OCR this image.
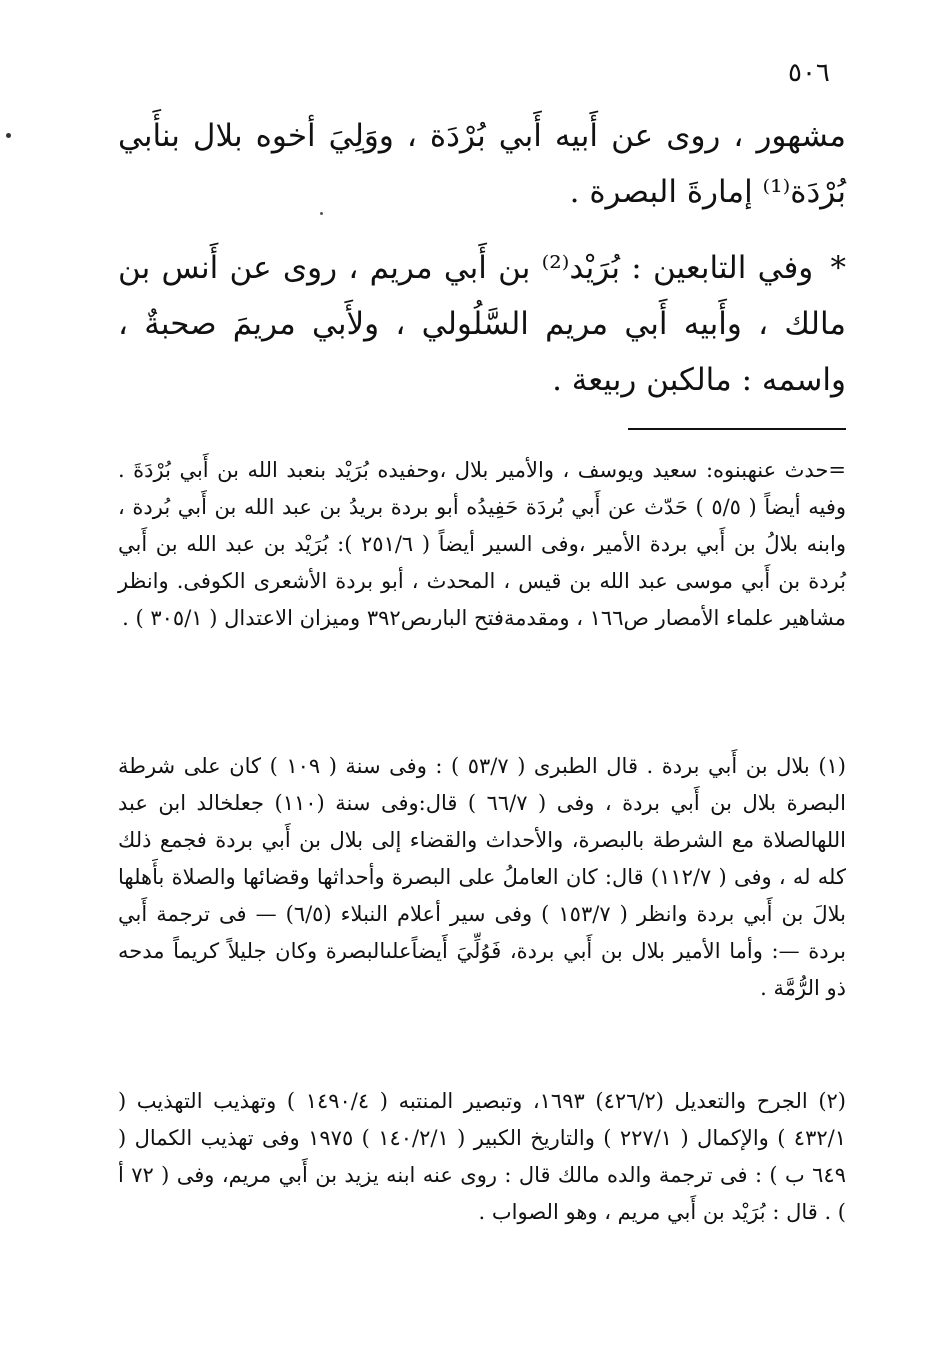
٥٠٦

مشهور ، روى عن أَبيه أَبي بُرْدَة ، ووَلِيَ أخوه بلال بنأَبي بُرْدَة⁽¹⁾ إمارةَ البصرة .

* وفي التابعين : بُرَيْد⁽²⁾ بن أَبي مريم ، روى عن أَنس بن مالك ، وأَبيه أَبي مريم السَّلُولي ، ولأَبي مريمَ صحبةٌ ، واسمه : مالكبن ربيعة .

=حدث عنهبنوه: سعيد ويوسف ، والأمير بلال ،وحفيده بُرَيْد بنعبد الله بن أَبي بُرْدَةَ . وفيه أيضاً ( ٥/٥ ) حَدّث عن أَبي بُردَة حَفِيدُه أبو بردة بريدُ بن عبد الله بن أَبي بُردة ، وابنه بلالُ بن أَبي بردة الأمير ،وفى السير أيضاً ( ٢٥١/٦ ): بُرَيْد بن عبد الله بن أَبي بُردة بن أَبي موسى عبد الله بن قيس ، المحدث ، أبو بردة الأشعرى الكوفى. وانظر مشاهير علماء الأمصار ص١٦٦ ، ومقدمةفتح البارىص٣٩٢ وميزان الاعتدال ( ٣٠٥/١ ) .

(١) بلال بن أَبي بردة . قال الطبرى ( ٥٣/٧ ) : وفى سنة ( ١٠٩ ) كان على شرطة البصرة بلال بن أَبي بردة ، وفى ( ٦٦/٧ ) قال:وفى سنة (١١٠) جعلخالد ابن عبد اللهالصلاة مع الشرطة بالبصرة، والأحداث والقضاء إلى بلال بن أَبي بردة فجمع ذلك كله له ، وفى ( ١١٢/٧) قال: كان العاملُ على البصرة وأحداثها وقضائها والصلاة بأَهلها بلالَ بن أَبي بردة وانظر ( ١٥٣/٧ ) وفى سير أعلام النبلاء (٦/٥) — فى ترجمة أَبي بردة —: وأما الأمير بلال بن أَبي بردة، فَوُلِّيَ أَيضاًعلىالبصرة وكان جليلاً كريماً مدحه ذو الرُّمَّة .

(٢) الجرح والتعديل (٤٢٦/٢) ١٦٩٣، وتبصير المنتبه ( ١٤٩٠/٤ ) وتهذيب التهذيب ( ٤٣٢/١ ) والإكمال ( ٢٢٧/١ ) والتاريخ الكبير ( ١٤٠/٢/١ ) ١٩٧٥ وفى تهذيب الكمال ( ٦٤٩ ب ) : فى ترجمة والده مالك قال : روى عنه ابنه يزيد بن أَبي مريم، وفى ( ٧٢ أ ) . قال : بُرَيْد بن أَبي مريم ، وهو الصواب .
